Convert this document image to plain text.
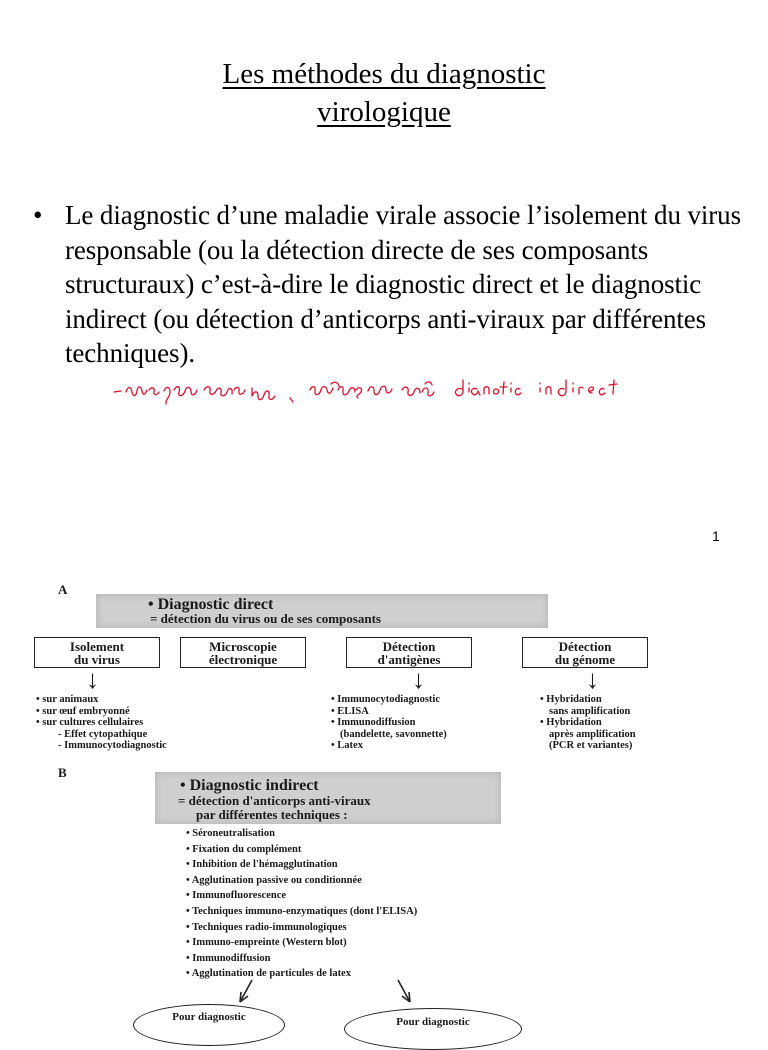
Les méthodes du diagnostic
virologique
• Le diagnostic d’une maladie virale associe l’isolement du virus responsable (ou la détection directe de ses composants structuraux) c’est-à-dire le diagnostic direct et le diagnostic indirect (ou détection d’anticorps anti-viraux par différentes techniques).
1
A
• Diagnostic direct
= détection du virus ou de ses composants
Isolement
du virus
Microscopie
électronique
Détection
d'antigènes
Détection
du génome
↓	↓	↓
• sur animaux
• sur œuf embryonné
• sur cultures cellulaires
- Effet cytopathique
- Immunocytodiagnostic
• Immunocytodiagnostic
• ELISA
• Immunodiffusion
(bandelette, savonnette)
• Latex
• Hybridation
sans amplification
• Hybridation
après amplification
(PCR et variantes)
B
• Diagnostic indirect
= détection d'anticorps anti-viraux
par différentes techniques :
• Séroneutralisation
• Fixation du complément
• Inhibition de l'hémagglutination
• Agglutination passive ou conditionnée
• Immunofluorescence
• Techniques immuno-enzymatiques (dont l'ELISA)
• Techniques radio-immunologiques
• Immuno-empreinte (Western blot)
• Immunodiffusion
• Agglutination de particules de latex
Pour diagnostic	Pour diagnostic
